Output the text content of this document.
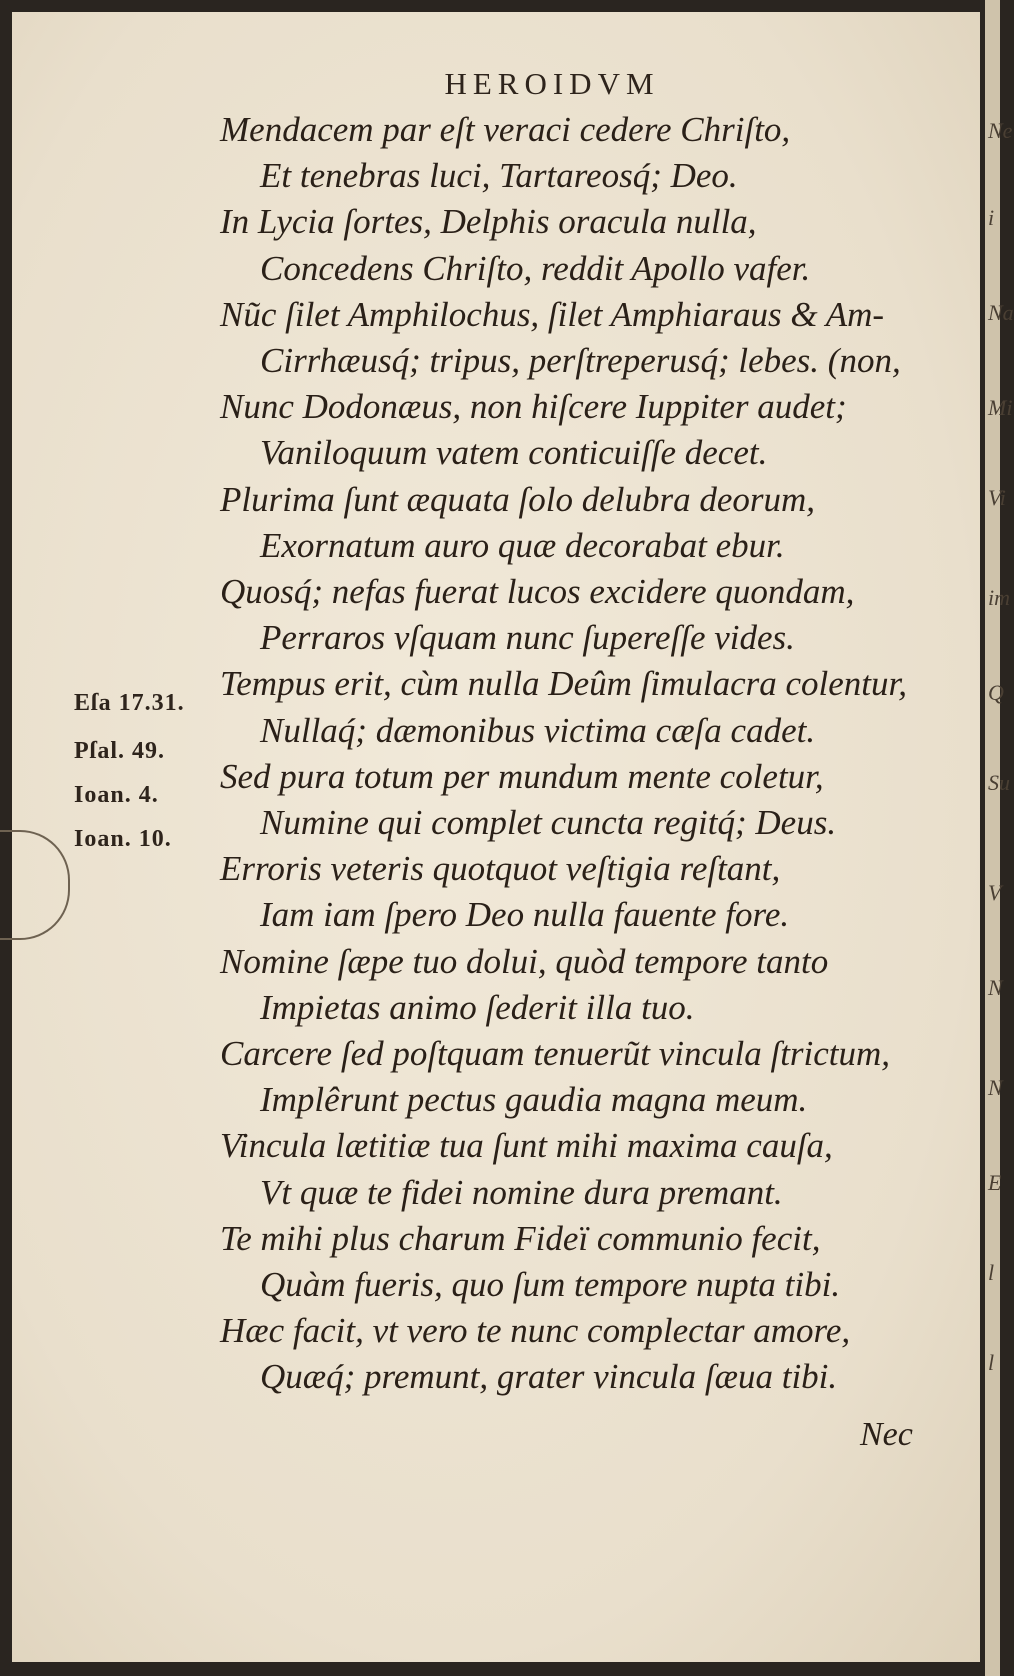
Ne
i
Na
Mi
Vi
im
Q
Su
V
N
N
E
l
l
HEROIDVM
Mendacem par eſt veraci cedere Chriſto,
Et tenebras luci, Tartareosq́; Deo.
In Lycia ſortes, Delphis oracula nulla,
Concedens Chriſto, reddit Apollo vafer.
Nũc ſilet Amphilochus, ſilet Amphiaraus & Am-
Cirrhæusq́; tripus, perſtreperusq́; lebes. (non,
Nunc Dodonæus, non hiſcere Iuppiter audet;
Vaniloquum vatem conticuiſſe decet.
Plurima ſunt æquata ſolo delubra deorum,
Exornatum auro quæ decorabat ebur.
Quosq́; nefas fuerat lucos excidere quondam,
Perraros vſquam nunc ſupereſſe vides.
Tempus erit, cùm nulla Deûm ſimulacra colentur,
Nullaq́; dæmonibus victima cæſa cadet.
Sed pura totum per mundum mente coletur,
Numine qui complet cuncta regitq́; Deus.
Erroris veteris quotquot veſtigia reſtant,
Iam iam ſpero Deo nulla fauente fore.
Nomine ſæpe tuo dolui, quòd tempore tanto
Impietas animo ſederit illa tuo.
Carcere ſed poſtquam tenuerũt vincula ſtrictum,
Implêrunt pectus gaudia magna meum.
Vincula lætitiæ tua ſunt mihi maxima cauſa,
Vt quæ te fidei nomine dura premant.
Te mihi plus charum Fideï communio fecit,
Quàm fueris, quo ſum tempore nupta tibi.
Hæc facit, vt vero te nunc complectar amore,
Quæq́; premunt, grater vincula ſæua tibi.
Eſa 17.31.
Pſal. 49.
Ioan. 4.
Ioan. 10.
Nec
